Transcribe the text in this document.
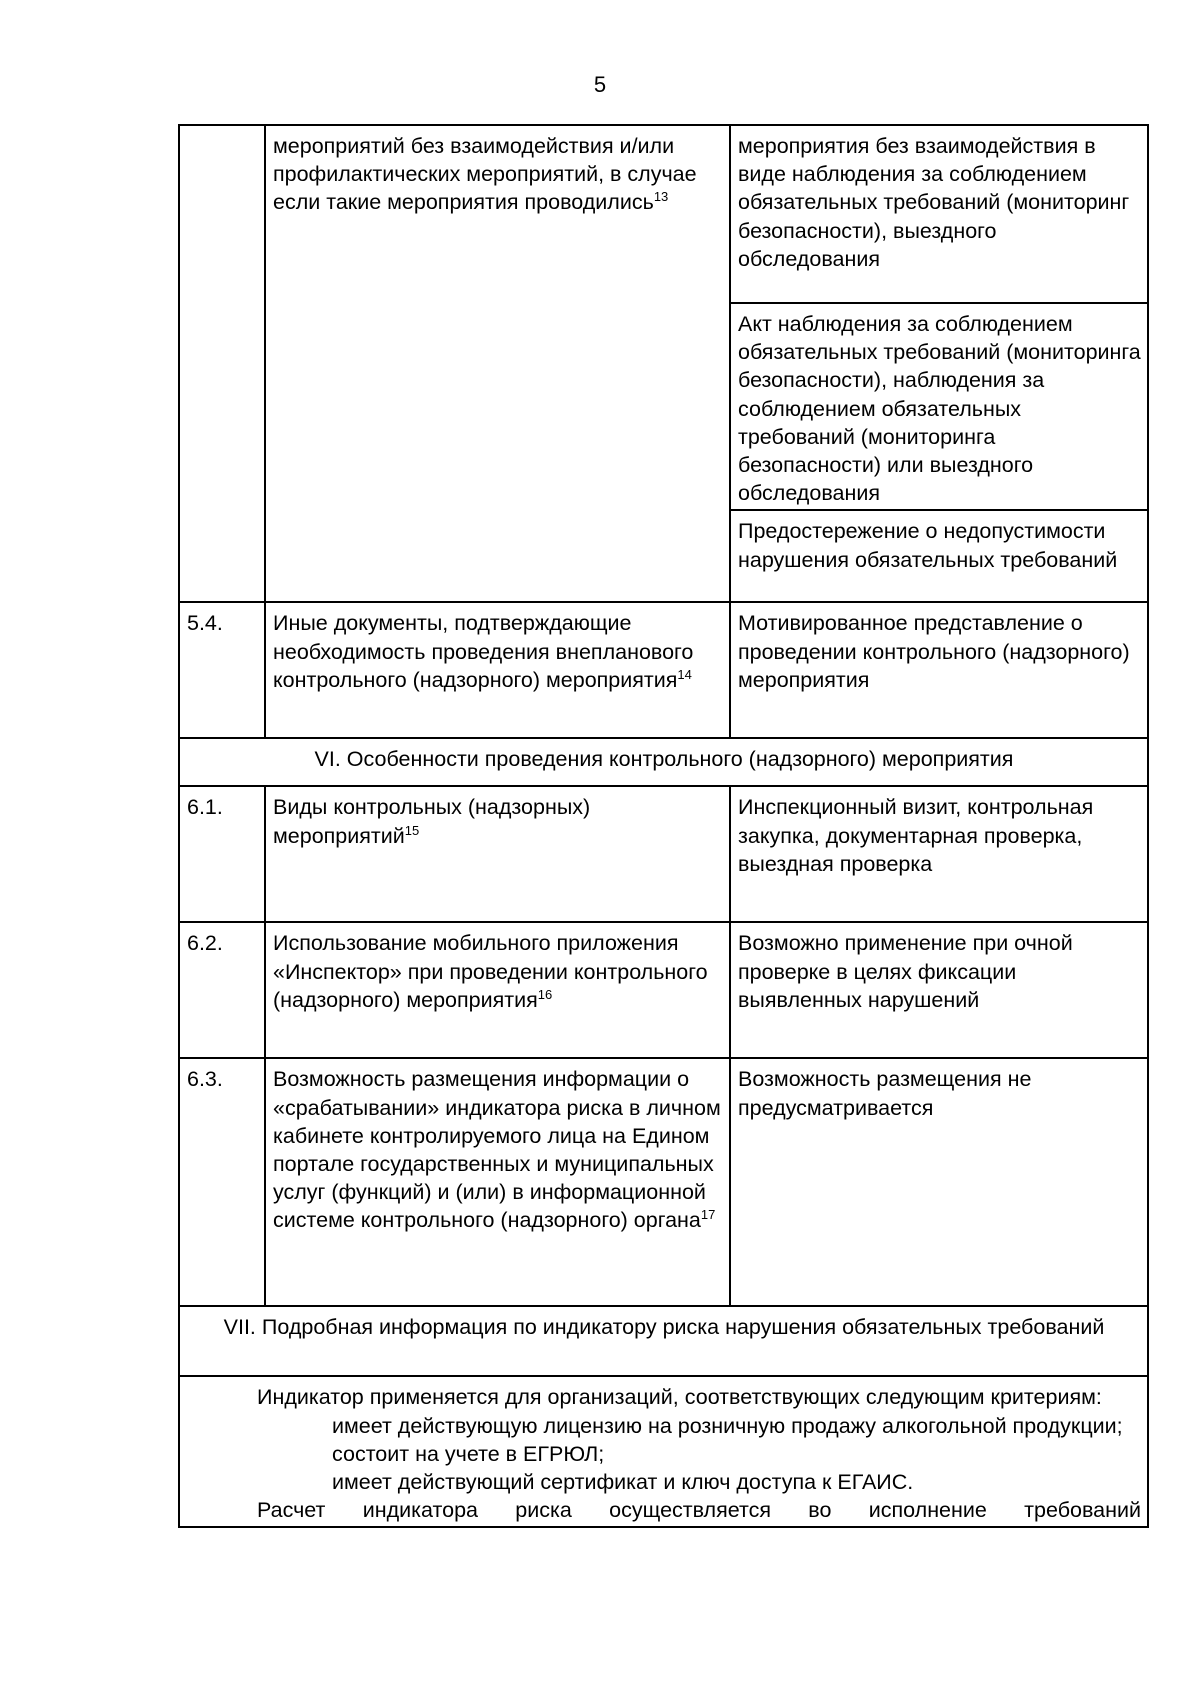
5
	мероприятий без взаимодействия и/или профилактических мероприятий, в случае если такие мероприятия проводились$^{13}$	мероприятия без взаимодействия в виде наблюдения за соблюдением обязательных требований (мониторинг безопасности), выездного обследования
		Акт наблюдения за соблюдением обязательных требований (мониторинга безопасности), наблюдения за соблюдением обязательных требований (мониторинга безопасности) или выездного обследования
		Предостережение о недопустимости нарушения обязательных требований
5.4.	Иные документы, подтверждающие необходимость проведения внепланового контрольного (надзорного) мероприятия$^{14}$	Мотивированное представление о проведении контрольного (надзорного) мероприятия
VI. Особенности проведения контрольного (надзорного) мероприятия		
6.1.	Виды контрольных (надзорных) мероприятий$^{15}$	Инспекционный визит, контрольная закупка, документарная проверка, выездная проверка
6.2.	Использование мобильного приложения «Инспектор» при проведении контрольного (надзорного) мероприятия$^{16}$	Возможно применение при очной проверке в целях фиксации выявленных нарушений
6.3.	Возможность размещения информации о «срабатывании» индикатора риска в личном кабинете контролируемого лица на Едином портале государственных и муниципальных услуг (функций) и (или) в информационной системе контрольного (надзорного) органа$^{17}$	Возможность размещения не предусматривается
VII. Подробная информация по индикатору риска нарушения обязательных требований		

Индикатор применяется для организаций, соответствующих следующим критериям:

имеет действующую лицензию на розничную продажу алкогольной продукции;

состоит на учете в ЕГРЮЛ;

имеет действующий сертификат и ключ доступа к ЕГАИС.

Расчет индикатора риска осуществляется во исполнение требований		
